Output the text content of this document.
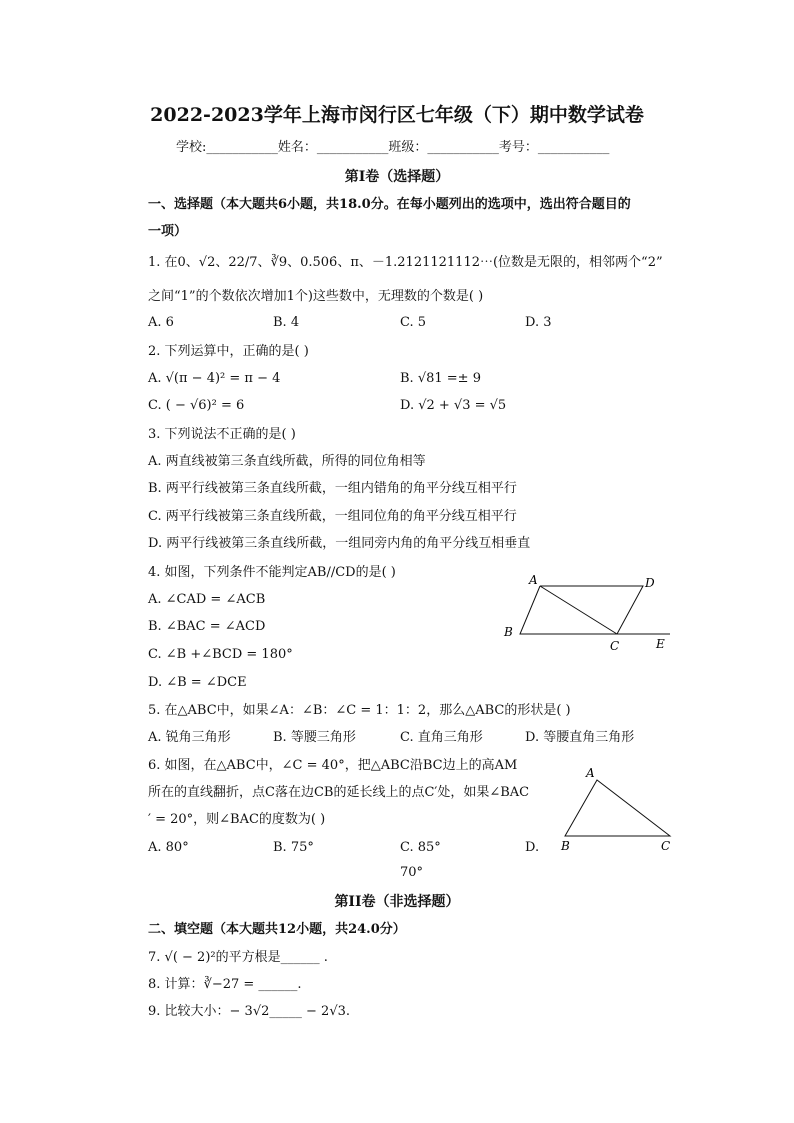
2022-2023学年上海市闵行区七年级（下）期中数学试卷
学校:___________姓名：___________班级：___________考号：___________
第I卷（选择题）
一、选择题（本大题共6小题，共18.0分。在每小题列出的选项中，选出符合题目的
一项）
1. 在0、√2、22/7、∛9、0.5̇06̇、π、－1.2121121112⋯(位数是无限的，相邻两个“2”
之间“1”的个数依次增加1个)这些数中，无理数的个数是( )
A. 6	B. 4	C. 5	D. 3
2. 下列运算中，正确的是( )
A. √(π − 4)² = π − 4	B. √81 =± 9
C. ( − √6)² = 6	D. √2 + √3 = √5
3. 下列说法不正确的是( )
A. 两直线被第三条直线所截，所得的同位角相等
B. 两平行线被第三条直线所截，一组内错角的角平分线互相平行
C. 两平行线被第三条直线所截，一组同位角的角平分线互相平行
D. 两平行线被第三条直线所截，一组同旁内角的角平分线互相垂直
4. 如图，下列条件不能判定AB//CD的是( )
A. ∠CAD = ∠ACB
B. ∠BAC = ∠ACD
C. ∠B +∠BCD = 180°
D. ∠B = ∠DCE
A	D
B
C	E
A
B	C
5. 在△ABC中，如果∠A：∠B：∠C = 1：1：2，那么△ABC的形状是( )
A. 锐角三角形	B. 等腰三角形	C. 直角三角形	D. 等腰直角三角形
6. 如图，在△ABC中，∠C = 40°，把△ABC沿BC边上的高AM
所在的直线翻折，点C落在边CB的延长线上的点C′处，如果∠BAC
′ = 20°，则∠BAC的度数为( )
A. 80°	B. 75°	C. 85°	D.
70°
第II卷（非选择题）
二、填空题（本大题共12小题，共24.0分）
7. √( − 2)²的平方根是______ .
8. 计算：∛−27 = ______.
9. 比较大小：− 3√2_____ − 2√3.
